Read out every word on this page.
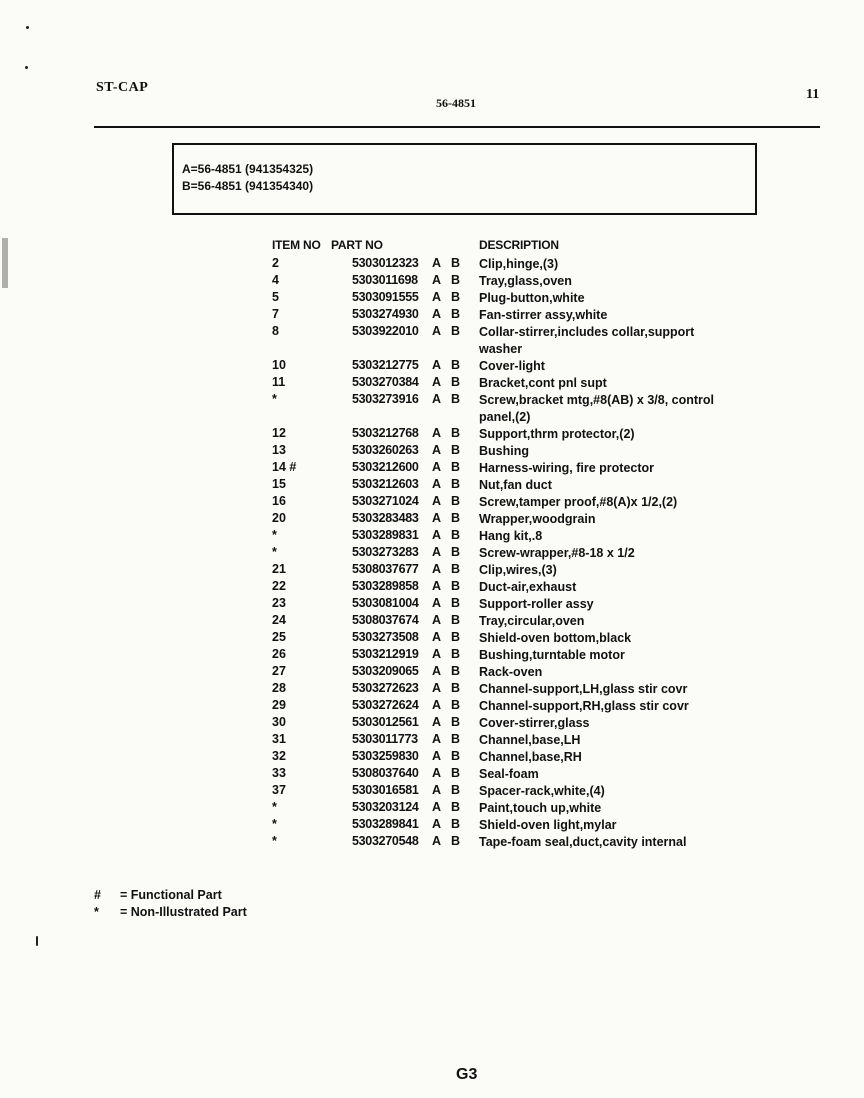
ST-CAP
56-4851
11
A=56-4851 (941354325)
B=56-4851 (941354340)
ITEM NO PART NO	DESCRIPTION
2	5303012323 A B Clip,hinge,(3)
4	5303011698 A B Tray,glass,oven
5	5303091555 A B Plug-button,white
7	5303274930 A B Fan-stirrer assy,white
8	5303922010 A B Collar-stirrer,includes collar,support washer
10	5303212775 A B Cover-light
11	5303270384 A B Bracket,cont pnl supt
*	5303273916 A B Screw,bracket mtg,#8(AB) x 3/8, control panel,(2)
12	5303212768 A B Support,thrm protector,(2)
13	5303260263 A B Bushing
14 #	5303212600 A B Harness-wiring, fire protector
15	5303212603 A B Nut,fan duct
16	5303271024 A B Screw,tamper proof,#8(A)x 1/2,(2)
20	5303283483 A B Wrapper,woodgrain
*	5303289831 A B Hang kit,.8
*	5303273283 A B Screw-wrapper,#8-18 x 1/2
21	5308037677 A B Clip,wires,(3)
22	5303289858 A B Duct-air,exhaust
23	5303081004 A B Support-roller assy
24	5308037674 A B Tray,circular,oven
25	5303273508 A B Shield-oven bottom,black
26	5303212919 A B Bushing,turntable motor
27	5303209065 A B Rack-oven
28	5303272623 A B Channel-support,LH,glass stir covr
29	5303272624 A B Channel-support,RH,glass stir covr
30	5303012561 A B Cover-stirrer,glass
31	5303011773 A B Channel,base,LH
32	5303259830 A B Channel,base,RH
33	5308037640 A B Seal-foam
37	5303016581 A B Spacer-rack,white,(4)
*	5303203124 A B Paint,touch up,white
*	5303289841 A B Shield-oven light,mylar
*	5303270548 A B Tape-foam seal,duct,cavity internal
# = Functional Part
* = Non-Illustrated Part
G3
